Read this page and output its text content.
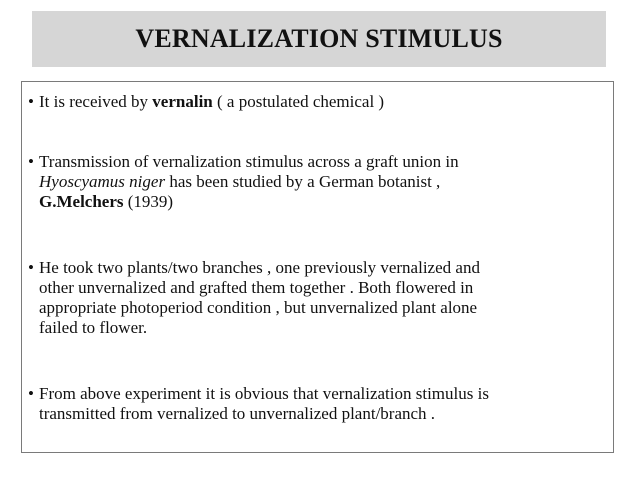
VERNALIZATION STIMULUS
• It is received by vernalin ( a postulated chemical )
• Transmission of vernalization stimulus across a graft union in
Hyoscyamus niger has been studied by a German botanist ,
G.Melchers (1939)
• He took two plants/two branches , one previously vernalized and
other unvernalized and grafted them together . Both flowered in
appropriate photoperiod condition , but unvernalized plant alone
failed to flower.
• From above experiment it is obvious that vernalization stimulus is
transmitted from vernalized to unvernalized plant/branch .
